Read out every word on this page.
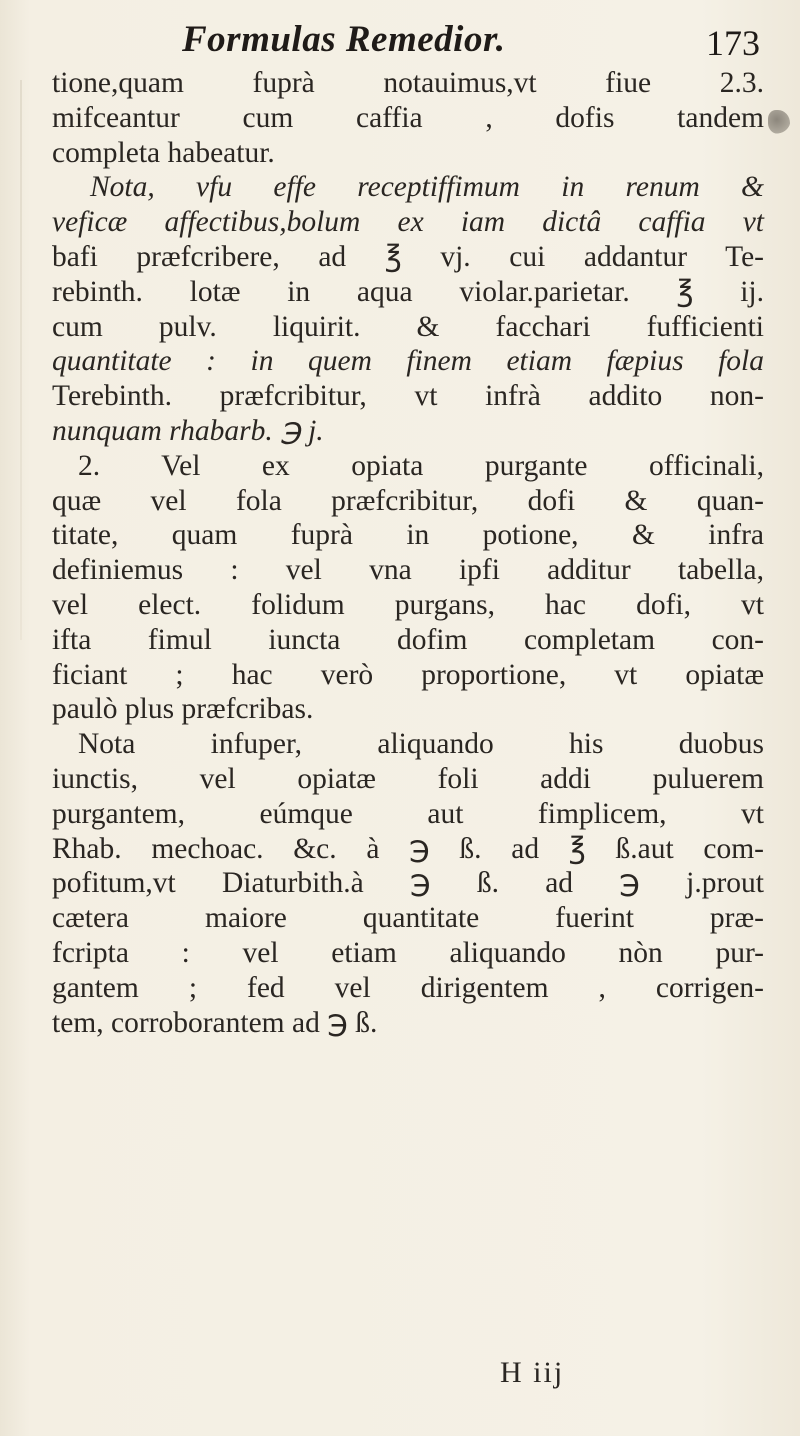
Formulas Remedior.	173
tione,quam fuprà notauimus,vt fiue 2.3.
mifceantur cum caffia , dofis tandem
completa habeatur.
Nota, vfu effe receptiffimum in renum &
veficæ affectibus,bolum ex iam dictâ caffia vt
bafi præfcribere, ad ℥ vj. cui addantur Te-
rebinth. lotæ in aqua violar.parietar. ℥ ij.
cum pulv. liquirit. & facchari fufficienti
quantitate : in quem finem etiam fæpius fola
Terebinth. præfcribitur, vt infrà addito non-
nunquam rhabarb. ℈ j.
2. Vel ex opiata purgante officinali,
quæ vel fola præfcribitur, dofi & quan-
titate, quam fuprà in potione, & infra
definiemus : vel vna ipfi additur tabella,
vel elect. folidum purgans, hac dofi, vt
ifta fimul iuncta dofim completam con-
ficiant ; hac verò proportione, vt opiatæ
paulò plus præfcribas.
Nota infuper, aliquando his duobus
iunctis, vel opiatæ foli addi puluerem
purgantem, eúmque aut fimplicem, vt
Rhab. mechoac. &c. à ℈ ß. ad ℥ ß.aut com-
pofitum,vt Diaturbith.à ℈ ß. ad ℈ j.prout
cætera maiore quantitate fuerint præ-
fcripta : vel etiam aliquando nòn pur-
gantem ; fed vel dirigentem , corrigen-
tem, corroborantem ad ℈ ß.
H iij
